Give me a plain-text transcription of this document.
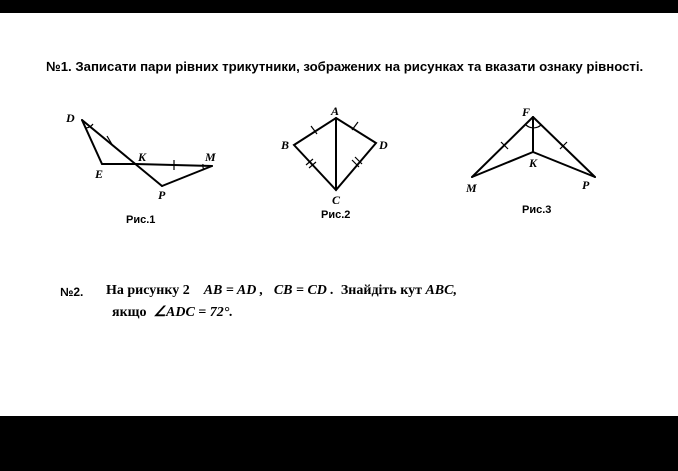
№1. Записати пари рівних трикутники, зображених на рисунках та вказати ознаку рівності.
D
E
K	M
P
Рис.1
A
B	D
C
Рис.2
F
K
M	P
Рис.3
№2. На рисунку 2 AB = AD , CB = CD . Знайдіть кут ABC,
якщо ∠ADC = 72°.
